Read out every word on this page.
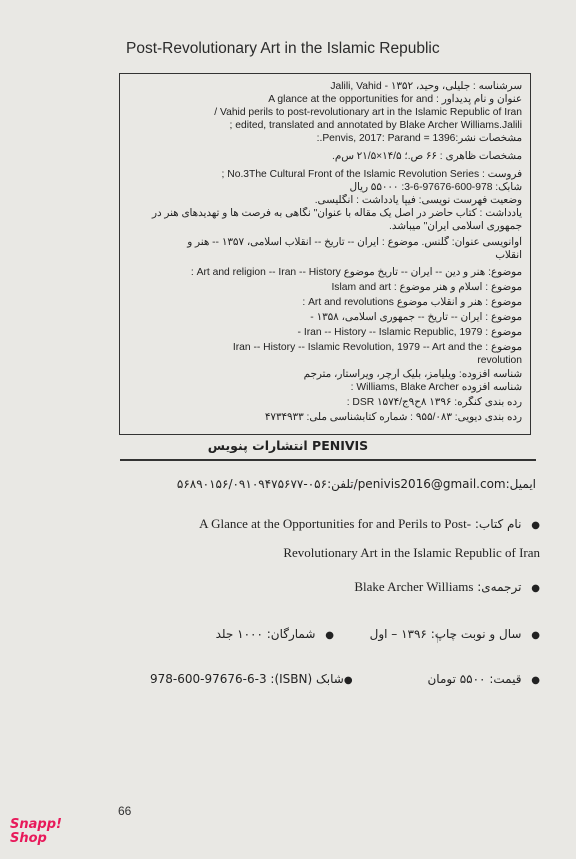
Post-Revolutionary Art in the Islamic Republic
سرشناسه : جلیلی، وحید، ۱۳۵۲ - Jalili, Vahid
عنوان و نام پدیدآور : A glance at the opportunities for and
/ Vahid perils to post-revolutionary art in the Islamic Republic of Iran
; edited, translated and annotated by Blake Archer Williams.Jalili
مشخصات نشر:Penvis, 2017: Parand = 1396.:
مشخصات ظاهری : ۶۶ ص.؛ ۱۴/۵×۲۱/۵ س‌م.
فروست : No.3The Cultural Front of the Islamic Revolution Series ;
شابک: 978-600-97676-6-3: ۵۵۰۰۰ ریال
وضعیت فهرست نویسی: فیپا یادداشت : انگلیسی.
یادداشت : کتاب حاضر در اصل یک مقاله با عنوان" نگاهی به فرصت ها و تهدیدهای هنر در
جمهوری اسلامی ایران" میباشد.
آوانویسی عنوان: گلنس. موضوع : ایران -- تاریخ -- انقلاب اسلامی، ۱۳۵۷ -- هنر و
انقلاب
موضوع: هنر و دین -- ایران -- تاریخ موضوع Art and religion -- Iran -- History :
موضوع : اسلام و هنر موضوع : Islam and art
موضوع : هنر و انقلاب موضوع Art and revolutions :
موضوع : ایران -- تاریخ -- جمهوری اسلامی، ۱۳۵۸ -
موضوع : Iran -- History -- Islamic Republic, 1979 -
موضوع : Iran -- History -- Islamic Revolution, 1979 -- Art and the
revolution
شناسه افزوده: ویلیامز، بلیک آرچر، ویراستار، مترجم
شناسه افزوده Williams, Blake Archer :
رده بندی کنگره: ۱۳۹۶ ۸ح۹ج/DSR ۱۵۷۴ :
رده بندی دیویی: ۹۵۵/۰۸۳ : شماره کتابشناسی ملی: ۴۷۳۴۹۳۳
انتشارات پنویس PENIVIS
ایمیل:penivis2016@gmail.com/تلفن:۰۵۶-۵۶۸۹۰۱۵۶/۰۹۱۰۹۴۷۵۶۷۷
● نام کتاب: A Glance at the Opportunities for and Perils to Post-
Revolutionary Art in the Islamic Republic of Iran
● ترجمه‌ی: Blake Archer Williams
● سال و نوبت چاپ: ۱۳۹۶ – اول  ● شمارگان: ۱۰۰۰ جلد
●شابک (ISBN): 978-600-97676-6-3	● قیمت: ۵۵۰۰ تومان
66
Snapp!
Shop
